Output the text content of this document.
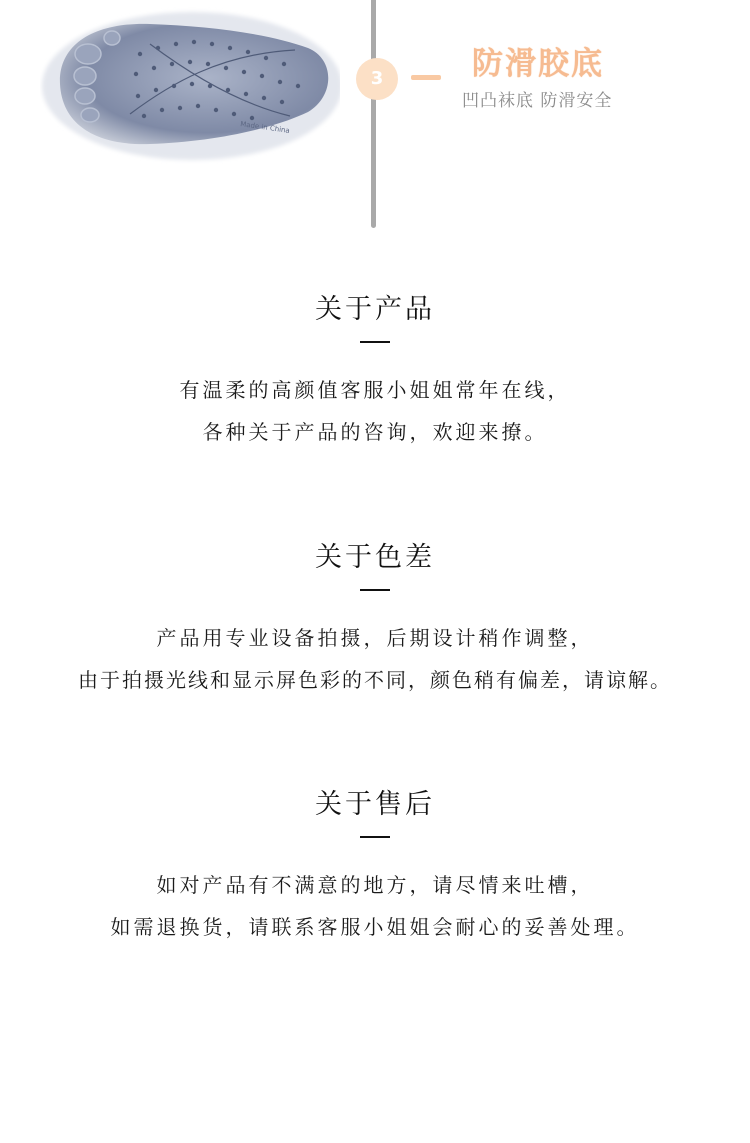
Made in China
3	防滑胶底
凹凸袜底 防滑安全
关于产品
有温柔的高颜值客服小姐姐常年在线，
各种关于产品的咨询，欢迎来撩。
关于色差
产品用专业设备拍摄，后期设计稍作调整，
由于拍摄光线和显示屏色彩的不同，颜色稍有偏差，请谅解。
关于售后
如对产品有不满意的地方，请尽情来吐槽，
如需退换货，请联系客服小姐姐会耐心的妥善处理。
